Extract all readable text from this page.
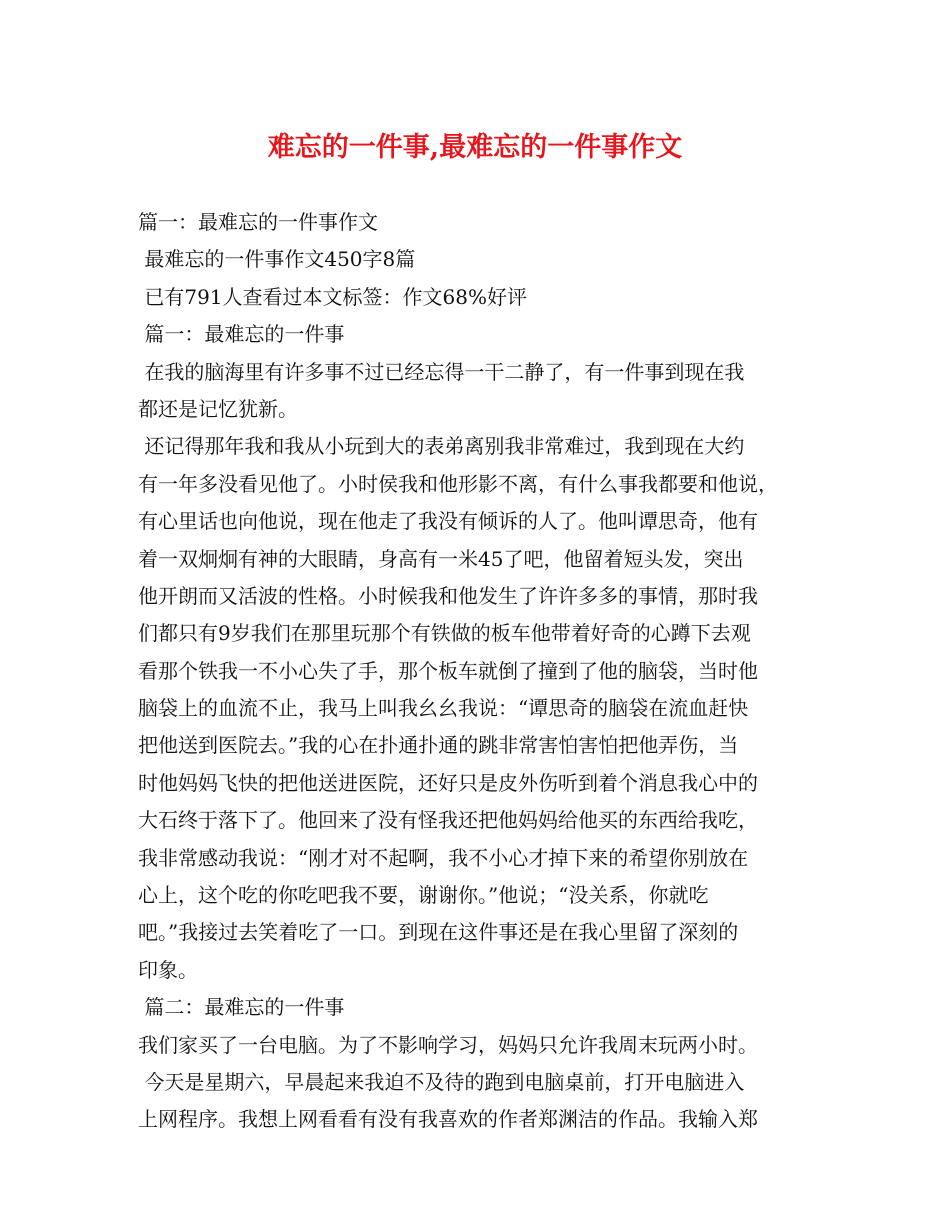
难忘的一件事,最难忘的一件事作文
篇一：最难忘的一件事作文
最难忘的一件事作文450字8篇
已有791人查看过本文标签：作文68%好评
篇一：最难忘的一件事
在我的脑海里有许多事不过已经忘得一干二静了，有一件事到现在我
都还是记忆犹新。
还记得那年我和我从小玩到大的表弟离别我非常难过，我到现在大约
有一年多没看见他了。小时侯我和他形影不离，有什么事我都要和他说，
有心里话也向他说，现在他走了我没有倾诉的人了。他叫谭思奇，他有
着一双炯炯有神的大眼睛，身高有一米45了吧，他留着短头发，突出
他开朗而又活波的性格。小时候我和他发生了许许多多的事情，那时我
们都只有9岁我们在那里玩那个有铁做的板车他带着好奇的心蹲下去观
看那个铁我一不小心失了手，那个板车就倒了撞到了他的脑袋，当时他
脑袋上的血流不止，我马上叫我幺幺我说：“谭思奇的脑袋在流血赶快
把他送到医院去。”我的心在扑通扑通的跳非常害怕害怕把他弄伤，当
时他妈妈飞快的把他送进医院，还好只是皮外伤听到着个消息我心中的
大石终于落下了。他回来了没有怪我还把他妈妈给他买的东西给我吃，
我非常感动我说：“刚才对不起啊，我不小心才掉下来的希望你别放在
心上，这个吃的你吃吧我不要，谢谢你。”他说；“没关系，你就吃
吧。”我接过去笑着吃了一口。到现在这件事还是在我心里留了深刻的
印象。
篇二：最难忘的一件事
我们家买了一台电脑。为了不影响学习，妈妈只允许我周末玩两小时。
今天是星期六，早晨起来我迫不及待的跑到电脑桌前，打开电脑进入
上网程序。我想上网看看有没有我喜欢的作者郑渊洁的作品。我输入郑
